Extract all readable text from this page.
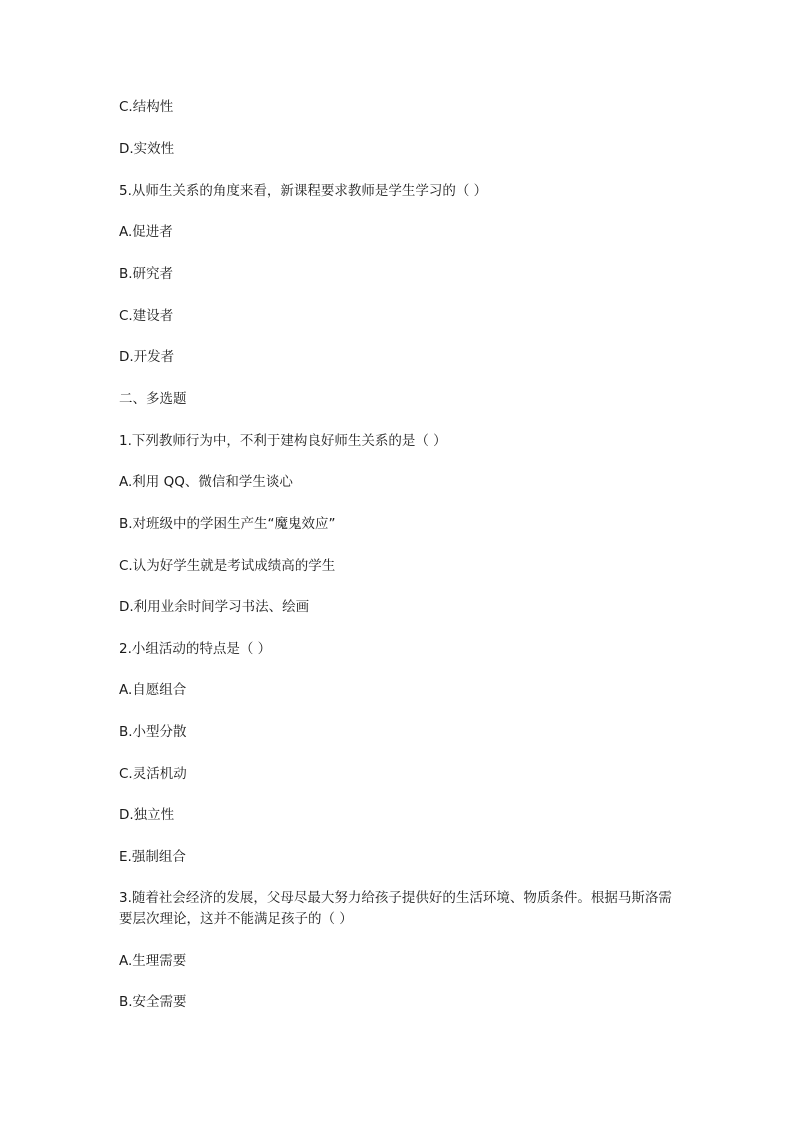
C.结构性
D.实效性
5.从师生关系的角度来看，新课程要求教师是学生学习的（ ）
A.促进者
B.研究者
C.建设者
D.开发者
二、多选题
1.下列教师行为中，不利于建构良好师生关系的是（ ）
A.利用 QQ、微信和学生谈心
B.对班级中的学困生产生“魔鬼效应”
C.认为好学生就是考试成绩高的学生
D.利用业余时间学习书法、绘画
2.小组活动的特点是（ ）
A.自愿组合
B.小型分散
C.灵活机动
D.独立性
E.强制组合
3.随着社会经济的发展，父母尽最大努力给孩子提供好的生活环境、物质条件。根据马斯洛需要层次理论，这并不能满足孩子的（ ）
A.生理需要
B.安全需要
